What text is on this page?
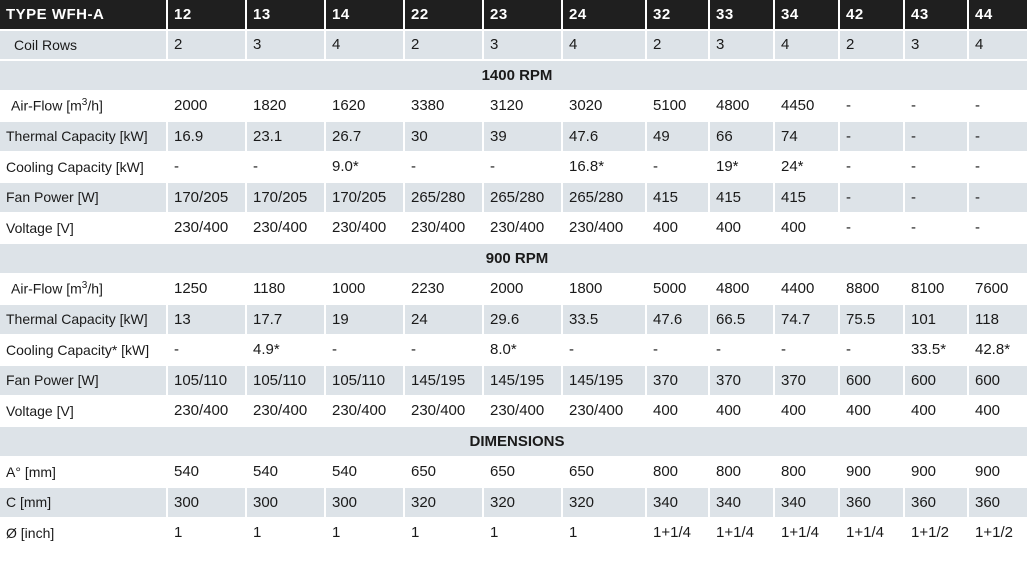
TYPE WFH-A	12	13	14	22	23	24	32	33	34	42	43	44
Coil Rows	2	3	4	2	3	4	2	3	4	2	3	4
1400 RPM												
Air-Flow $[m^3/h]$	2000	1820	1620	3380	3120	3020	5100	4800	4450	-	-	-
Thermal Capacity [kW]	16.9	23.1	26.7	30	39	47.6	49	66	74	-	-	-
Cooling Capacity [kW]	-	-	9.0*	-	-	16.8*	-	19*	24*	-	-	-
Fan Power [W]	170/205	170/205	170/205	265/280	265/280	265/280	415	415	415	-	-	-
Voltage [V]	230/400	230/400	230/400	230/400	230/400	230/400	400	400	400	-	-	-
900 RPM												
Air-Flow $[m^3/h]$	1250	1180	1000	2230	2000	1800	5000	4800	4400	8800	8100	7600
Thermal Capacity [kW]	13	17.7	19	24	29.6	33.5	47.6	66.5	74.7	75.5	101	118
Cooling Capacity* [kW]	-	4.9*	-	-	8.0*	-	-	-	-	-	33.5*	42.8*
Fan Power [W]	105/110	105/110	105/110	145/195	145/195	145/195	370	370	370	600	600	600
Voltage [V]	230/400	230/400	230/400	230/400	230/400	230/400	400	400	400	400	400	400
DIMENSIONS												
A° [mm]	540	540	540	650	650	650	800	800	800	900	900	900
C [mm]	300	300	300	320	320	320	340	340	340	360	360	360
Ø [inch]	1	1	1	1	1	1	1+1/4	1+1/4	1+1/4	1+1/4	1+1/2	1+1/2
